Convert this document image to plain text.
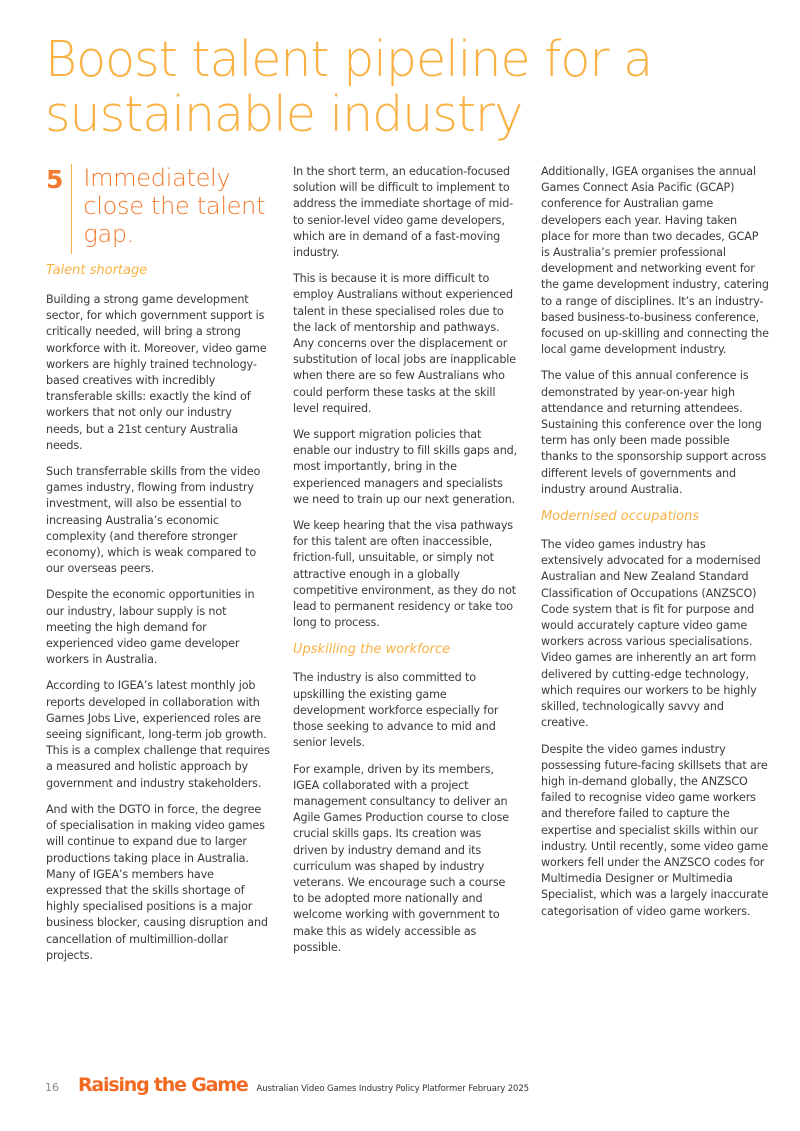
Boost talent pipeline for a sustainable industry
5 Immediately close the talent gap.
Talent shortage

Building a strong game development sector, for which government support is critically needed, will bring a strong workforce with it. Moreover, video game workers are highly trained technology-based creatives with incredibly transferable skills: exactly the kind of workers that not only our industry needs, but a 21st century Australia needs.

Such transferrable skills from the video games industry, flowing from industry investment, will also be essential to increasing Australia’s economic complexity (and therefore stronger economy), which is weak compared to our overseas peers.

Despite the economic opportunities in our industry, labour supply is not meeting the high demand for experienced video game developer workers in Australia.

According to IGEA’s latest monthly job reports developed in collaboration with Games Jobs Live, experienced roles are seeing significant, long-term job growth. This is a complex challenge that requires a measured and holistic approach by government and industry stakeholders.

And with the DGTO in force, the degree of specialisation in making video games will continue to expand due to larger productions taking place in Australia. Many of IGEA’s members have expressed that the skills shortage of highly specialised positions is a major business blocker, causing disruption and cancellation of multimillion-dollar projects.

In the short term, an education-focused solution will be difficult to implement to address the immediate shortage of mid- to senior-level video game developers, which are in demand of a fast-moving industry.

This is because it is more difficult to employ Australians without experienced talent in these specialised roles due to the lack of mentorship and pathways. Any concerns over the displacement or substitution of local jobs are inapplicable when there are so few Australians who could perform these tasks at the skill level required.

We support migration policies that enable our industry to fill skills gaps and, most importantly, bring in the experienced managers and specialists we need to train up our next generation.

We keep hearing that the visa pathways for this talent are often inaccessible, friction-full, unsuitable, or simply not attractive enough in a globally competitive environment, as they do not lead to permanent residency or take too long to process.

Upskilling the workforce

The industry is also committed to upskilling the existing game development workforce especially for those seeking to advance to mid and senior levels.

For example, driven by its members, IGEA collaborated with a project management consultancy to deliver an Agile Games Production course to close crucial skills gaps. Its creation was driven by industry demand and its curriculum was shaped by industry veterans. We encourage such a course to be adopted more nationally and welcome working with government to make this as widely accessible as possible.

Additionally, IGEA organises the annual Games Connect Asia Pacific (GCAP) conference for Australian game developers each year. Having taken place for more than two decades, GCAP is Australia’s premier professional development and networking event for the game development industry, catering to a range of disciplines. It’s an industry-based business-to-business conference, focused on up-skilling and connecting the local game development industry.

The value of this annual conference is demonstrated by year-on-year high attendance and returning attendees. Sustaining this conference over the long term has only been made possible thanks to the sponsorship support across different levels of governments and industry around Australia.

Modernised occupations

The video games industry has extensively advocated for a modernised Australian and New Zealand Standard Classification of Occupations (ANZSCO) Code system that is fit for purpose and would accurately capture video game workers across various specialisations. Video games are inherently an art form delivered by cutting-edge technology, which requires our workers to be highly skilled, technologically savvy and creative.

Despite the video games industry possessing future-facing skillsets that are high in-demand globally, the ANZSCO failed to recognise video game workers and therefore failed to capture the expertise and specialist skills within our industry. Until recently, some video game workers fell under the ANZSCO codes for Multimedia Designer or Multimedia Specialist, which was a largely inaccurate categorisation of video game workers.

16 Raising the Game Australian Video Games Industry Policy Platformer February 2025
